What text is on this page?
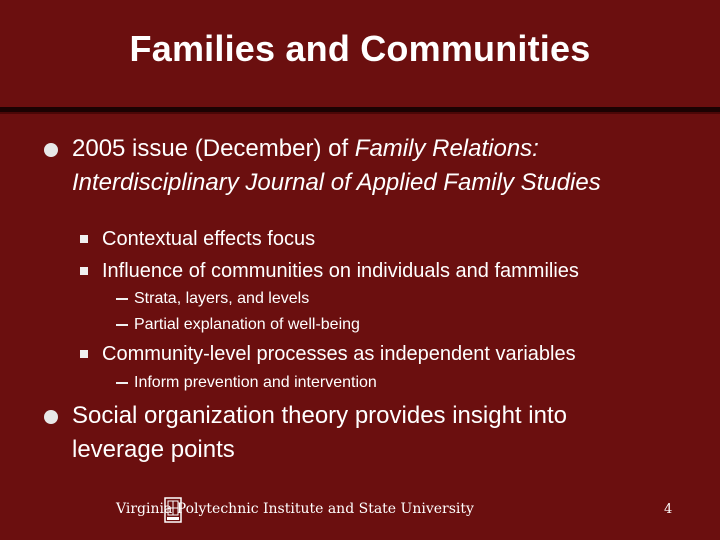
Families and Communities
2005 issue (December) of Family Relations: Interdisciplinary Journal of Applied Family Studies
Contextual effects focus
Influence of communities on individuals and fammilies
Strata, layers, and levels
Partial explanation of well-being
Community-level processes as independent variables
Inform prevention and intervention
Social organization theory provides insight into leverage points
Virginia Polytechnic Institute and State University	4
